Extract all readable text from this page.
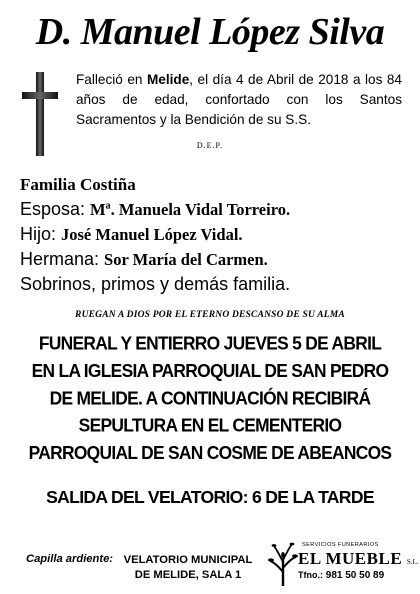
D. Manuel López Silva
Falleció en Melide, el día 4 de Abril de 2018 a los 84 años de edad, confortado con los Santos Sacramentos y la Bendición de su S.S.
D.E.P.
Familia Costiña
Esposa: Mª. Manuela Vidal Torreiro.
Hijo: José Manuel López Vidal.
Hermana: Sor María del Carmen.
Sobrinos, primos y demás familia.
RUEGAN A DIOS POR EL ETERNO DESCANSO DE SU ALMA
FUNERAL Y ENTIERRO JUEVES 5 DE ABRIL
EN LA IGLESIA PARROQUIAL DE SAN PEDRO
DE MELIDE. A CONTINUACIÓN RECIBIRÁ
SEPULTURA EN EL CEMENTERIO
PARROQUIAL DE SAN COSME DE ABEANCOS
SALIDA DEL VELATORIO: 6 DE LA TARDE
Capilla ardiente: VELATORIO MUNICIPAL
DE MELIDE, SALA 1
SERVICIOS FUNERARIOS
EL MUEBLE S.L.
Tfno.: 981 50 50 89
